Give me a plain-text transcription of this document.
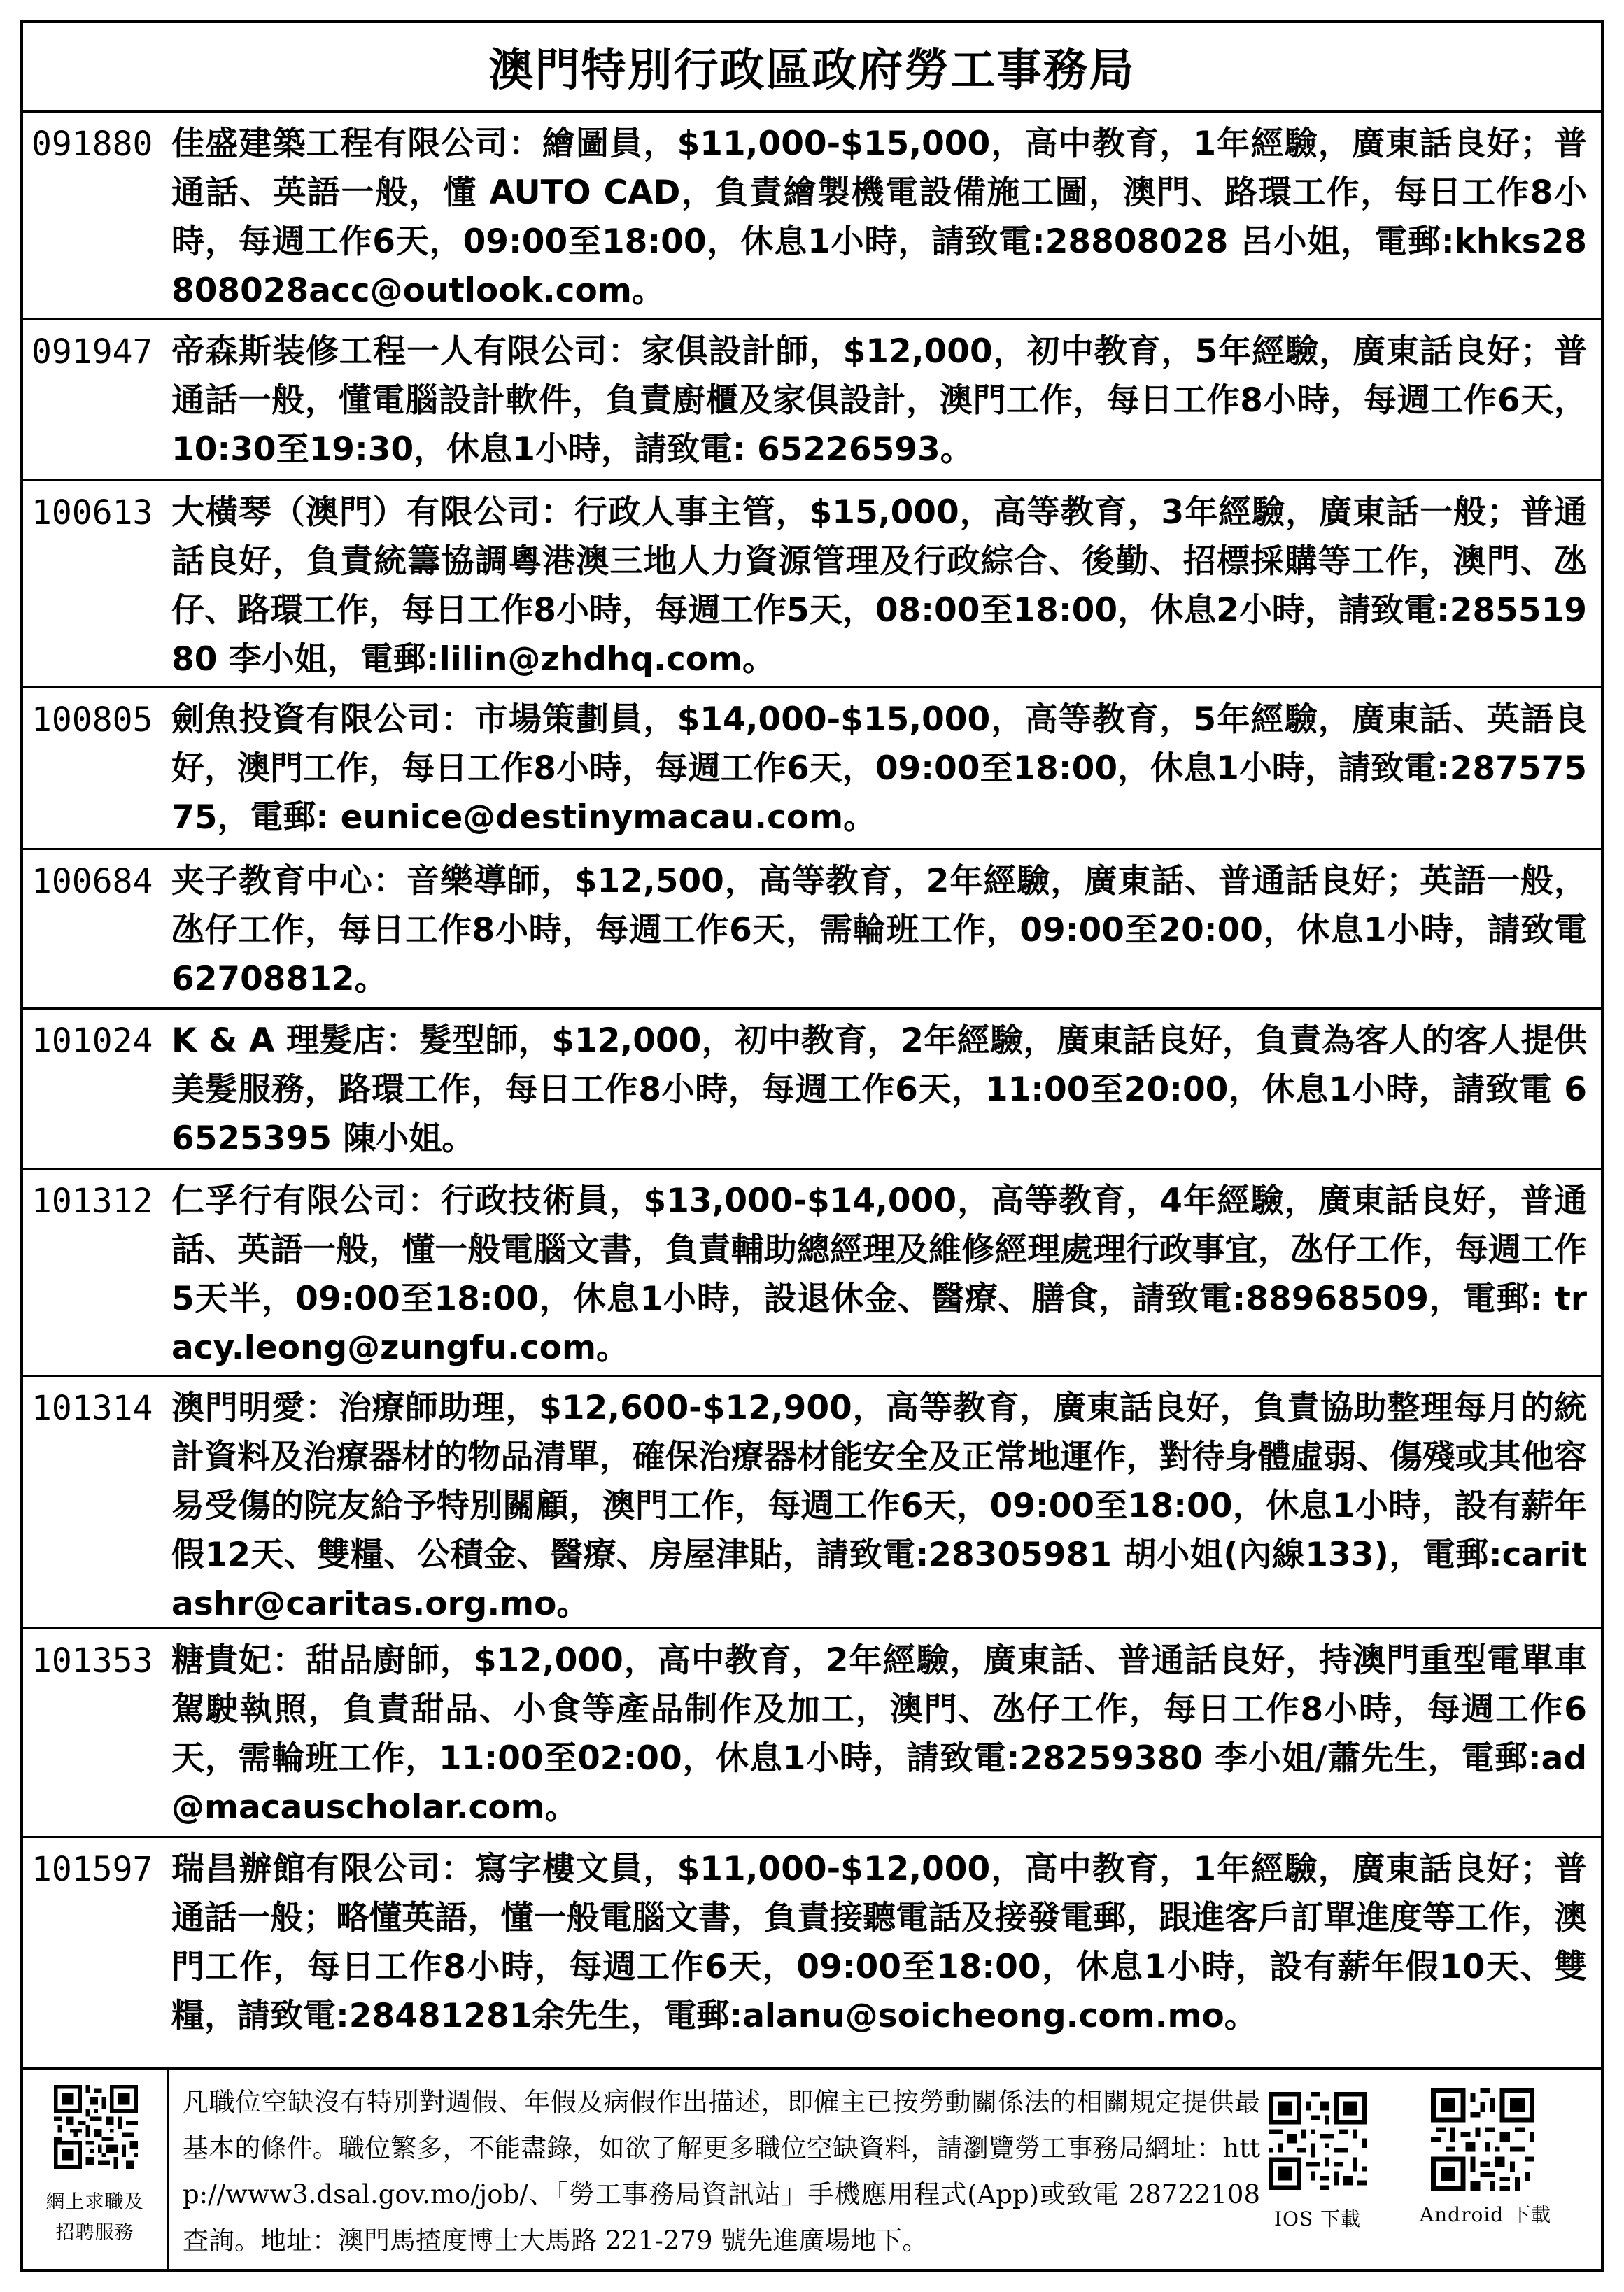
澳門特別行政區政府勞工事務局
091880 佳盛建築工程有限公司：繪圖員，$11,000-$15,000，高中教育，1年經驗，廣東話良好；普通話、英語一般，懂 AUTO CAD，負責繪製機電設備施工圖，澳門、路環工作，每日工作8小時，每週工作6天，09:00至18:00，休息1小時，請致電:28808028 呂小姐，電郵:khks28808028acc@outlook.com。
091947 帝森斯装修工程一人有限公司：家俱設計師，$12,000，初中教育，5年經驗，廣東話良好；普通話一般，懂電腦設計軟件，負責廚櫃及家俱設計，澳門工作，每日工作8小時，每週工作6天，10:30至19:30，休息1小時，請致電: 65226593。
100613 大橫琴（澳門）有限公司：行政人事主管，$15,000，高等教育，3年經驗，廣東話一般；普通話良好，負責統籌協調粵港澳三地人力資源管理及行政綜合、後勤、招標採購等工作，澳門、氹仔、路環工作，每日工作8小時，每週工作5天，08:00至18:00，休息2小時，請致電:28551980 李小姐，電郵:lilin@zhdhq.com。
100805 劍魚投資有限公司：市場策劃員，$14,000-$15,000，高等教育，5年經驗，廣東話、英語良好，澳門工作，每日工作8小時，每週工作6天，09:00至18:00，休息1小時，請致電:28757575，電郵: eunice@destinymacau.com。
100684 夹子教育中心：音樂導師，$12,500，高等教育，2年經驗，廣東話、普通話良好；英語一般，氹仔工作，每日工作8小時，每週工作6天，需輪班工作，09:00至20:00，休息1小時，請致電 62708812。
101024 K & A 理髮店：髮型師，$12,000，初中教育，2年經驗，廣東話良好，負責為客人的客人提供美髮服務，路環工作，每日工作8小時，每週工作6天，11:00至20:00，休息1小時，請致電 66525395 陳小姐。
101312 仁孚行有限公司：行政技術員，$13,000-$14,000，高等教育，4年經驗，廣東話良好，普通話、英語一般，懂一般電腦文書，負責輔助總經理及維修經理處理行政事宜，氹仔工作，每週工作5天半，09:00至18:00，休息1小時，設退休金、醫療、膳食，請致電:88968509，電郵: tracy.leong@zungfu.com。
101314 澳門明愛：治療師助理，$12,600-$12,900，高等教育，廣東話良好，負責協助整理每月的統計資料及治療器材的物品清單，確保治療器材能安全及正常地運作，對待身體虛弱、傷殘或其他容易受傷的院友給予特別關顧，澳門工作，每週工作6天，09:00至18:00，休息1小時，設有薪年假12天、雙糧、公積金、醫療、房屋津貼，請致電:28305981 胡小姐(內線133)，電郵:caritashr@caritas.org.mo。
101353 糖貴妃：甜品廚師，$12,000，高中教育，2年經驗，廣東話、普通話良好，持澳門重型電單車駕駛執照，負責甜品、小食等產品制作及加工，澳門、氹仔工作，每日工作8小時，每週工作6天，需輪班工作，11:00至02:00，休息1小時，請致電:28259380 李小姐/蕭先生，電郵:ad@macauscholar.com。
101597 瑞昌辦館有限公司：寫字樓文員，$11,000-$12,000，高中教育，1年經驗，廣東話良好；普通話一般；略懂英語，懂一般電腦文書，負責接聽電話及接發電郵，跟進客戶訂單進度等工作，澳門工作，每日工作8小時，每週工作6天，09:00至18:00，休息1小時，設有薪年假10天、雙糧，請致電:28481281余先生，電郵:alanu@soicheong.com.mo。
網上求職及
招聘服務
凡職位空缺沒有特別對週假、年假及病假作出描述，即僱主已按勞動關係法的相關規定提供最基本的條件。職位繁多，不能盡錄，如欲了解更多職位空缺資料，請瀏覽勞工事務局網址：http://www3.dsal.gov.mo/job/、「勞工事務局資訊站」手機應用程式(App)或致電 28722108 查詢。地址：澳門馬揸度博士大馬路 221-279 號先進廣場地下。
IOS 下載	Android 下載
